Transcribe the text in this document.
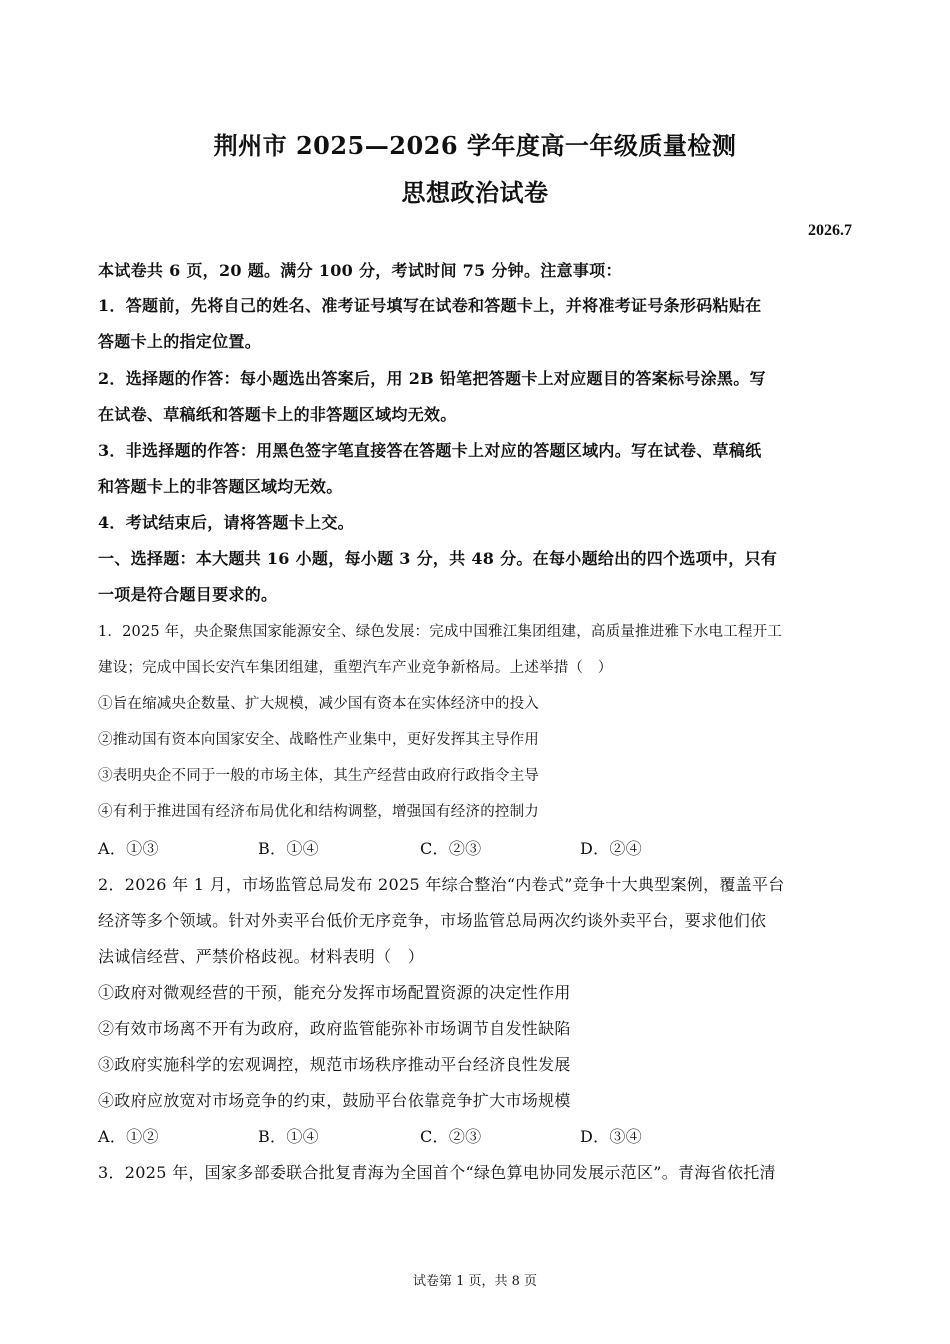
荆州市 2025—2026 学年度高一年级质量检测
思想政治试卷
2026.7
本试卷共 6 页，20 题。满分 100 分，考试时间 75 分钟。注意事项：
1．答题前，先将自己的姓名、准考证号填写在试卷和答题卡上，并将准考证号条形码粘贴在
答题卡上的指定位置。
2．选择题的作答：每小题选出答案后，用 2B 铅笔把答题卡上对应题目的答案标号涂黑。写
在试卷、草稿纸和答题卡上的非答题区域均无效。
3．非选择题的作答：用黑色签字笔直接答在答题卡上对应的答题区域内。写在试卷、草稿纸
和答题卡上的非答题区域均无效。
4．考试结束后，请将答题卡上交。
一、选择题：本大题共 16 小题，每小题 3 分，共 48 分。在每小题给出的四个选项中，只有
一项是符合题目要求的。
1．2025 年，央企聚焦国家能源安全、绿色发展：完成中国雅江集团组建，高质量推进雅下水电工程开工
建设；完成中国长安汽车集团组建，重塑汽车产业竞争新格局。上述举措（　）
①旨在缩减央企数量、扩大规模，减少国有资本在实体经济中的投入
②推动国有资本向国家安全、战略性产业集中，更好发挥其主导作用
③表明央企不同于一般的市场主体，其生产经营由政府行政指令主导
④有利于推进国有经济布局优化和结构调整，增强国有经济的控制力
A．①③	B．①④	C．②③	D．②④
2．2026 年 1 月，市场监管总局发布 2025 年综合整治“内卷式”竞争十大典型案例，覆盖平台
经济等多个领域。针对外卖平台低价无序竞争，市场监管总局两次约谈外卖平台，要求他们依
法诚信经营、严禁价格歧视。材料表明（　）
①政府对微观经营的干预，能充分发挥市场配置资源的决定性作用
②有效市场离不开有为政府，政府监管能弥补市场调节自发性缺陷
③政府实施科学的宏观调控，规范市场秩序推动平台经济良性发展
④政府应放宽对市场竞争的约束，鼓励平台依靠竞争扩大市场规模
A．①②	B．①④	C．②③	D．③④
3．2025 年，国家多部委联合批复青海为全国首个“绿色算电协同发展示范区”。青海省依托清
试卷第 1 页，共 8 页
